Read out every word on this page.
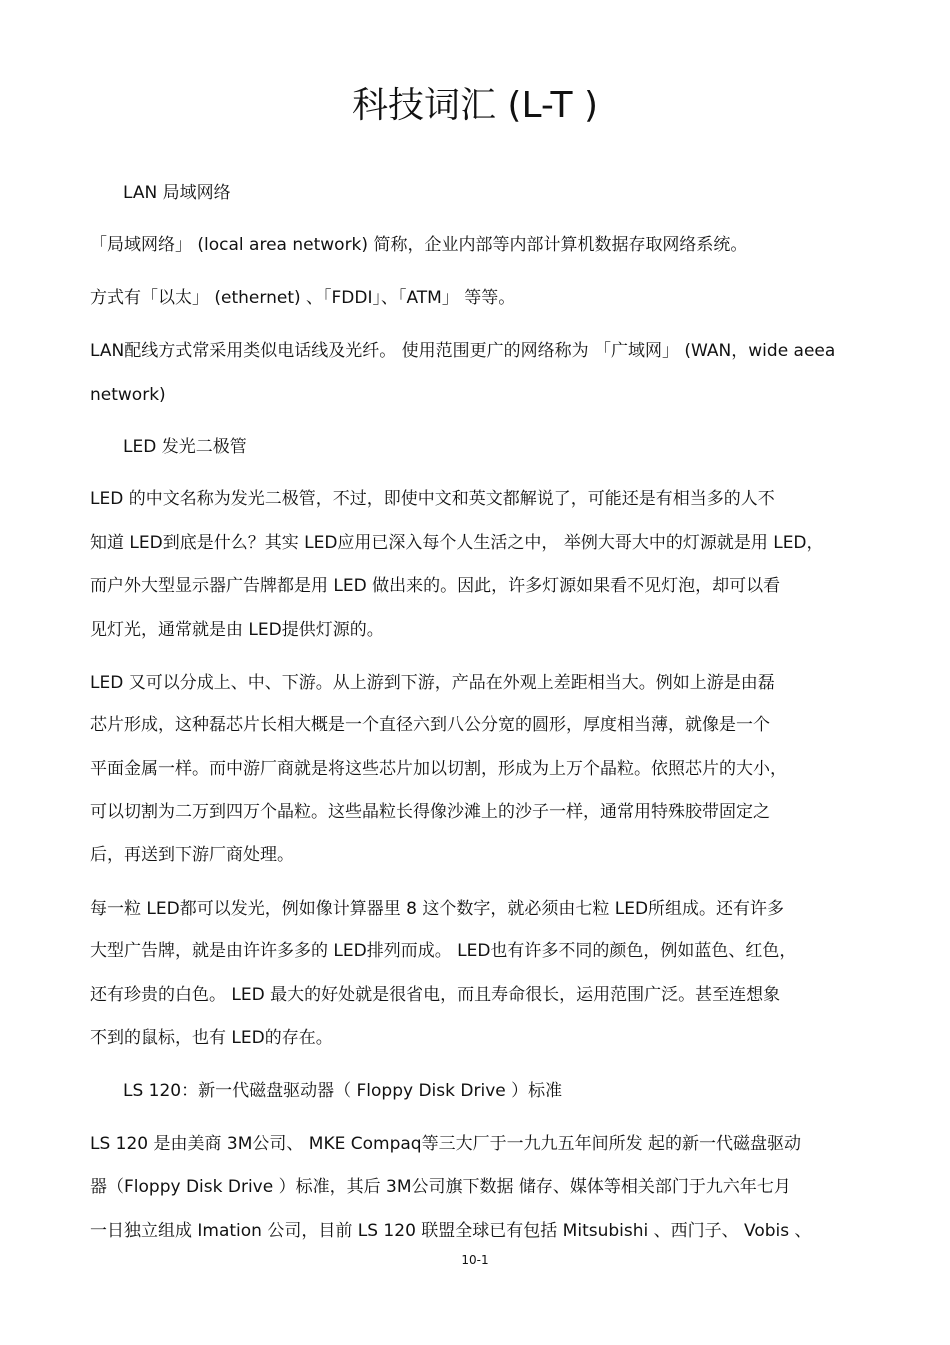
科技词汇 (L-T )
LAN 局域网络
「局域网络」 (local area network) 简称，企业内部等内部计算机数据存取网络系统。
方式有「以太」 (ethernet) 、「FDDI」、「ATM」 等等。
LAN配线方式常采用类似电话线及光纤。 使用范围更广的网络称为 「广域网」 (WAN，wide aeea
network)
LED 发光二极管
LED 的中文名称为发光二极管，不过，即使中文和英文都解说了，可能还是有相当多的人不
知道 LED到底是什么？其实 LED应用已深入每个人生活之中， 举例大哥大中的灯源就是用 LED，
而户外大型显示器广告牌都是用 LED 做出来的。因此，许多灯源如果看不见灯泡，却可以看
见灯光，通常就是由 LED提供灯源的。
LED 又可以分成上、中、下游。从上游到下游，产品在外观上差距相当大。例如上游是由磊
芯片形成，这种磊芯片长相大概是一个直径六到八公分宽的圆形，厚度相当薄，就像是一个
平面金属一样。而中游厂商就是将这些芯片加以切割，形成为上万个晶粒。依照芯片的大小，
可以切割为二万到四万个晶粒。这些晶粒长得像沙滩上的沙子一样，通常用特殊胶带固定之
后，再送到下游厂商处理。
每一粒 LED都可以发光，例如像计算器里 8 这个数字，就必须由七粒 LED所组成。还有许多
大型广告牌，就是由许许多多的 LED排列而成。 LED也有许多不同的颜色，例如蓝色、红色，
还有珍贵的白色。 LED 最大的好处就是很省电，而且寿命很长，运用范围广泛。甚至连想象
不到的鼠标，也有 LED的存在。
LS 120：新一代磁盘驱动器（ Floppy Disk Drive ）标准
LS 120 是由美商 3M公司、 MKE Compaq等三大厂于一九九五年间所发 起的新一代磁盘驱动
器（Floppy Disk Drive ）标准，其后 3M公司旗下数据 储存、媒体等相关部门于九六年七月
一日独立组成 Imation 公司，目前 LS 120 联盟全球已有包括 Mitsubishi 、西门子、 Vobis 、
10-1
